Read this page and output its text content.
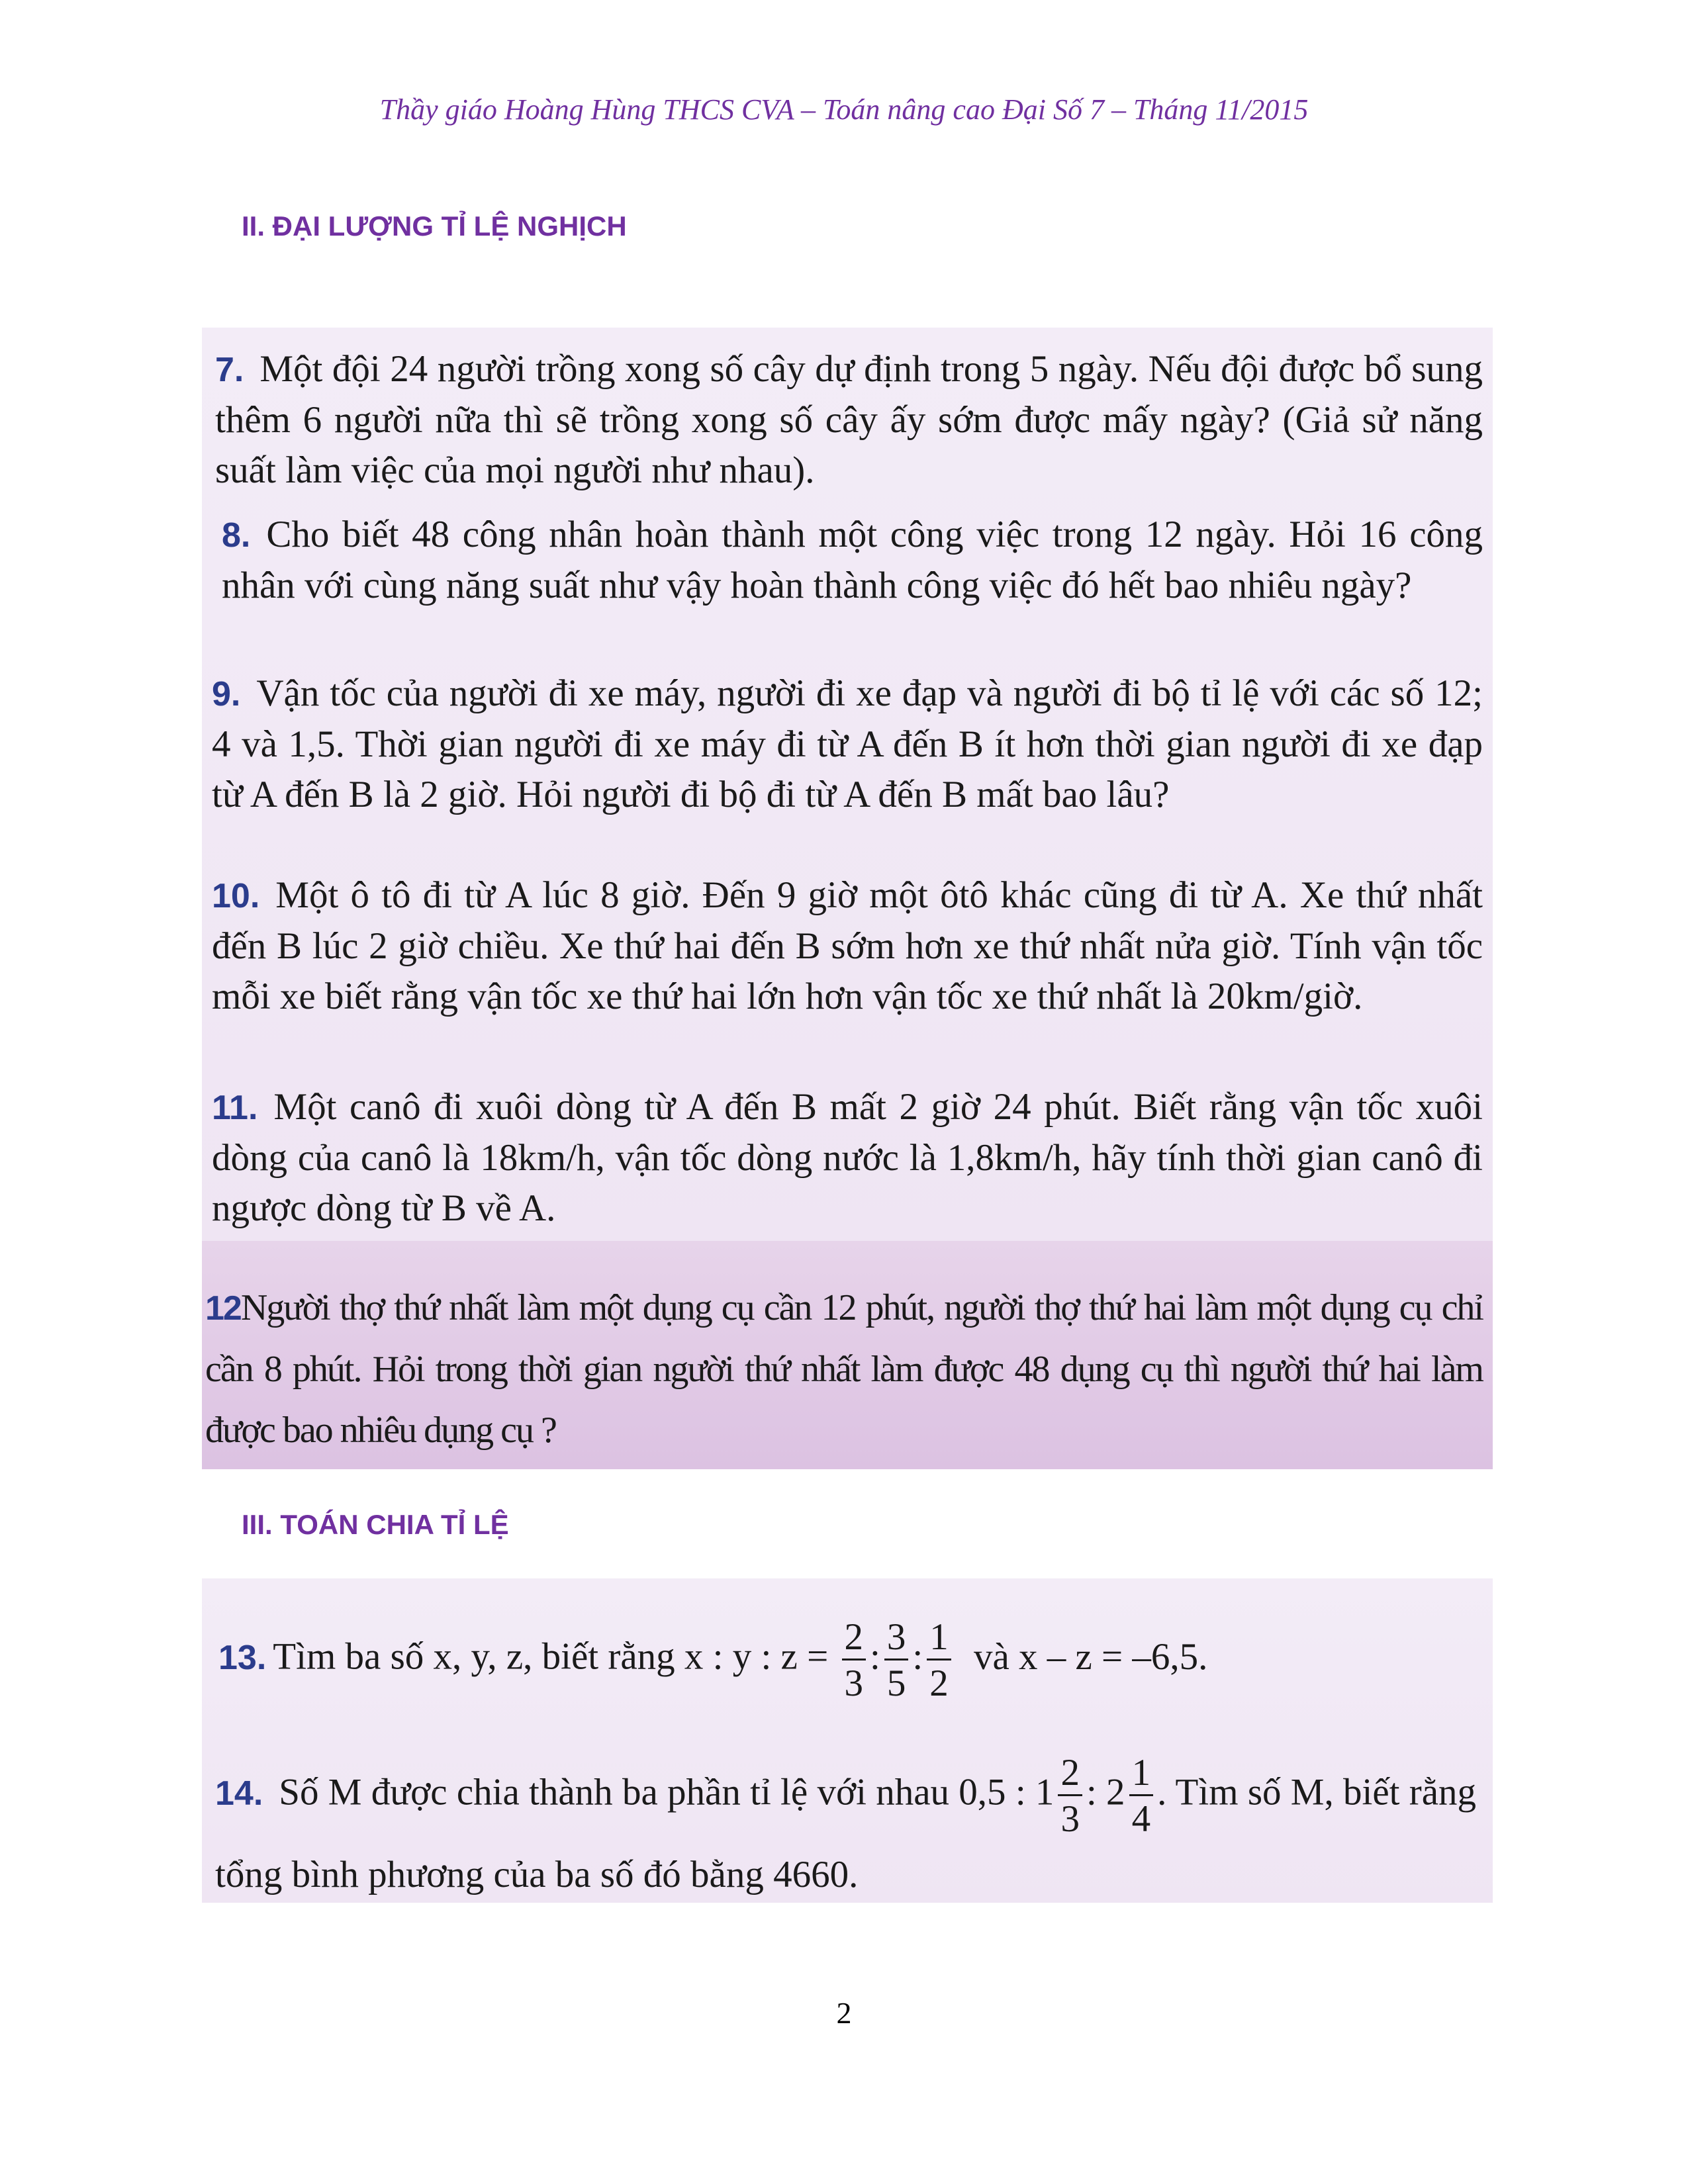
Thầy giáo Hoàng Hùng THCS CVA – Toán nâng cao Đại Số 7 – Tháng 11/2015
II. ĐẠI LƯỢNG TỈ LỆ NGHỊCH
7. Một đội 24 người trồng xong số cây dự định trong 5 ngày. Nếu đội được bổ sung thêm 6 người nữa thì sẽ trồng xong số cây ấy sớm được mấy ngày? (Giả sử năng suất làm việc của mọi người như nhau).
8. Cho biết 48 công nhân hoàn thành một công việc trong 12 ngày. Hỏi 16 công nhân với cùng năng suất như vậy hoàn thành công việc đó hết bao nhiêu ngày?
9. Vận tốc của người đi xe máy, người đi xe đạp và người đi bộ tỉ lệ với các số 12; 4 và 1,5. Thời gian người đi xe máy đi từ A đến B ít hơn thời gian người đi xe đạp từ A đến B là 2 giờ. Hỏi người đi bộ đi từ A đến B mất bao lâu?
10. Một ô tô đi từ A lúc 8 giờ. Đến 9 giờ một ôtô khác cũng đi từ A. Xe thứ nhất đến B lúc 2 giờ chiều. Xe thứ hai đến B sớm hơn xe thứ nhất nửa giờ. Tính vận tốc mỗi xe biết rằng vận tốc xe thứ hai lớn hơn vận tốc xe thứ nhất là 20km/giờ.
11. Một canô đi xuôi dòng từ A đến B mất 2 giờ 24 phút. Biết rằng vận tốc xuôi dòng của canô là 18km/h, vận tốc dòng nước là 1,8km/h, hãy tính thời gian canô đi ngược dòng từ B về A.
12Người thợ thứ nhất làm một dụng cụ cần 12 phút, người thợ thứ hai làm một dụng cụ chỉ cần 8 phút. Hỏi trong thời gian người thứ nhất làm được 48 dụng cụ thì người thứ hai làm được bao nhiêu dụng cụ ?
III. TOÁN CHIA TỈ LỆ
13. Tìm ba số x, y, z, biết rằng x : y : $z = \frac{2}{3}$ : $\frac{3}{5}$ : $\frac{1}{2}$ và x – z = –6,5.
14. Số M được chia thành ba phần tỉ lệ với nhau 0,5 : $1 \frac{2}{3}$ : $2 \frac{1}{4}$ . Tìm số M, biết rằng tổng bình phương của ba số đó bằng 4660.
2
